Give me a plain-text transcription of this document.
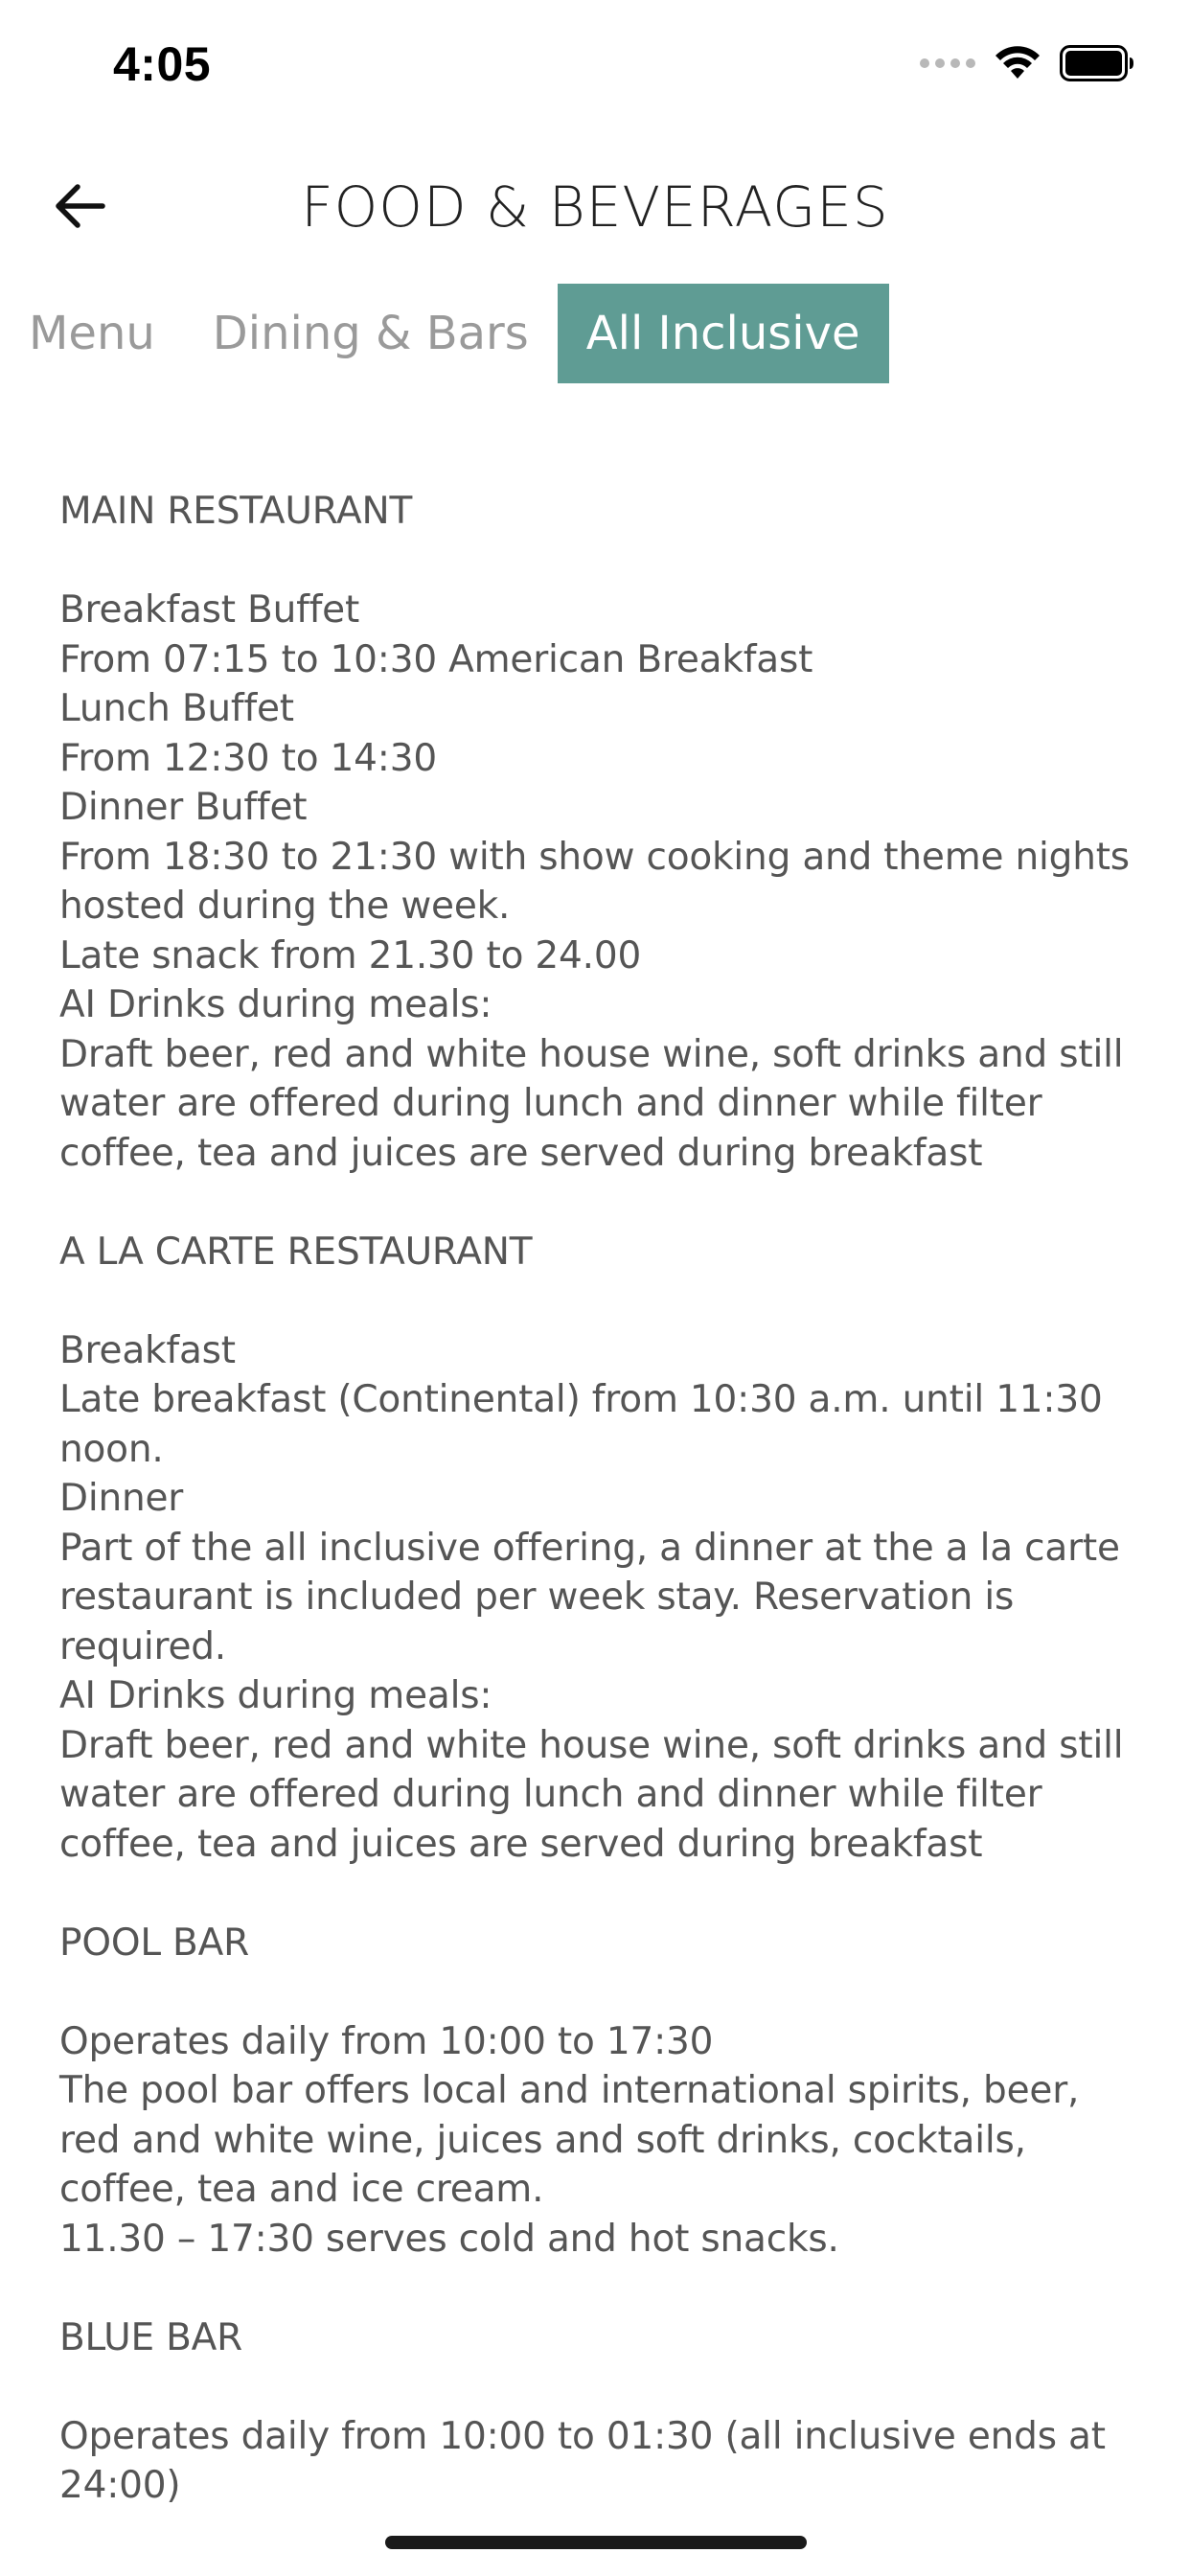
4:05
FOOD & BEVERAGES
Menu	Dining & Bars	All Inclusive

MAIN RESTAURANT

Breakfast Buffet
From 07:15 to 10:30 American Breakfast
Lunch Buffet
From 12:30 to 14:30
Dinner Buffet
From 18:30 to 21:30 with show cooking and theme nights hosted during the week.
Late snack from 21.30 to 24.00
AI Drinks during meals:
Draft beer, red and white house wine, soft drinks and still water are offered during lunch and dinner while filter coffee, tea and juices are served during breakfast

A LA CARTE RESTAURANT

Breakfast
Late breakfast (Continental) from 10:30 a.m. until 11:30 noon.
Dinner
Part of the all inclusive offering, a dinner at the a la carte restaurant is included per week stay. Reservation is required.
AI Drinks during meals:
Draft beer, red and white house wine, soft drinks and still water are offered during lunch and dinner while filter coffee, tea and juices are served during breakfast

POOL BAR

Operates daily from 10:00 to 17:30
The pool bar offers local and international spirits, beer, red and white wine, juices and soft drinks, cocktails, coffee, tea and ice cream.
11.30 – 17:30 serves cold and hot snacks.

BLUE BAR

Operates daily from 10:00 to 01:30 (all inclusive ends at 24:00)
